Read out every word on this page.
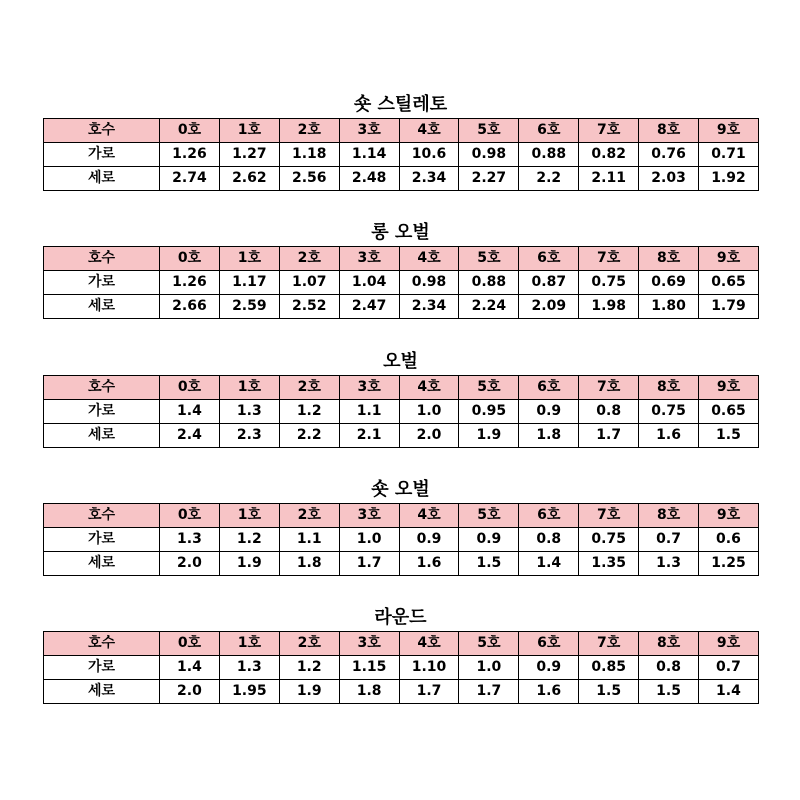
숏 스틸레토
호수	0호	1호	2호	3호	4호	5호	6호	7호	8호	9호
가로	1.26	1.27	1.18	1.14	10.6	0.98	0.88	0.82	0.76	0.71
세로	2.74	2.62	2.56	2.48	2.34	2.27	2.2	2.11	2.03	1.92
롱 오벌
호수	0호	1호	2호	3호	4호	5호	6호	7호	8호	9호
가로	1.26	1.17	1.07	1.04	0.98	0.88	0.87	0.75	0.69	0.65
세로	2.66	2.59	2.52	2.47	2.34	2.24	2.09	1.98	1.80	1.79
오벌
호수	0호	1호	2호	3호	4호	5호	6호	7호	8호	9호
가로	1.4	1.3	1.2	1.1	1.0	0.95	0.9	0.8	0.75	0.65
세로	2.4	2.3	2.2	2.1	2.0	1.9	1.8	1.7	1.6	1.5
숏 오벌
호수	0호	1호	2호	3호	4호	5호	6호	7호	8호	9호
가로	1.3	1.2	1.1	1.0	0.9	0.9	0.8	0.75	0.7	0.6
세로	2.0	1.9	1.8	1.7	1.6	1.5	1.4	1.35	1.3	1.25
라운드
호수	0호	1호	2호	3호	4호	5호	6호	7호	8호	9호
가로	1.4	1.3	1.2	1.15	1.10	1.0	0.9	0.85	0.8	0.7
세로	2.0	1.95	1.9	1.8	1.7	1.7	1.6	1.5	1.5	1.4
